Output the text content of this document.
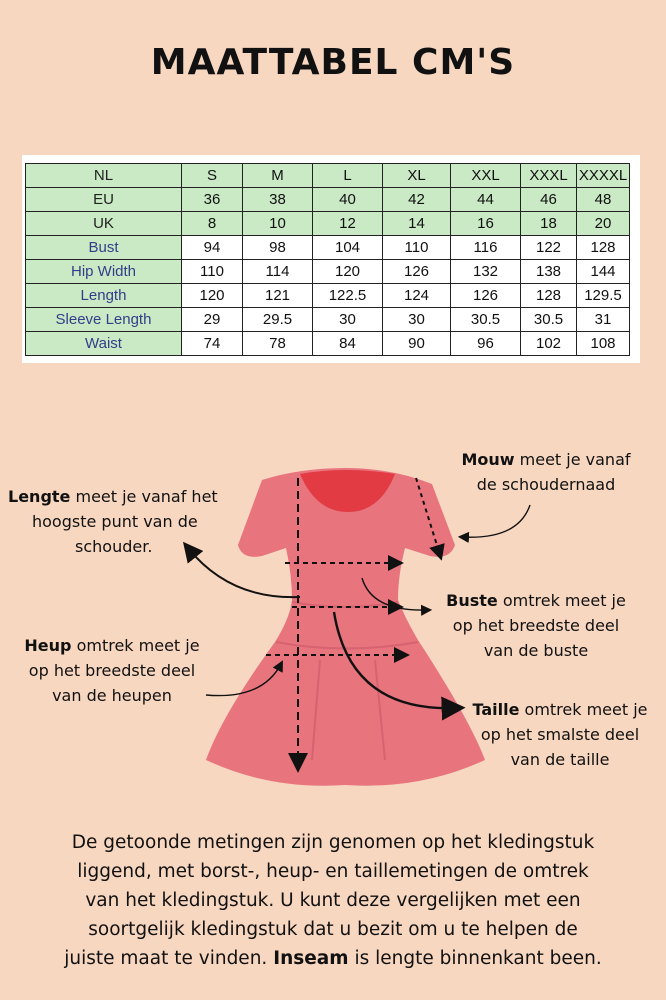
MAATTABEL CM'S
NL	S	M	L	XL	XXL	XXXL	XXXXL
EU	36	38	40	42	44	46	48
UK	8	10	12	14	16	18	20
Bust	94	98	104	110	116	122	128
Hip Width	110	114	120	126	132	138	144
Length	120	121	122.5	124	126	128	129.5
Sleeve Length	29	29.5	30	30	30.5	30.5	31
Waist	74	78	84	90	96	102	108
Lengte meet je vanaf het
hoogste punt van de
schouder.
Mouw meet je vanaf
de schoudernaad
Buste omtrek meet je
op het breedste deel
van de buste
Heup omtrek meet je
op het breedste deel
van de heupen
Taille omtrek meet je
op het smalste deel
van de taille
De getoonde metingen zijn genomen op het kledingstuk
liggend, met borst-, heup- en taillemetingen de omtrek
van het kledingstuk. U kunt deze vergelijken met een
soortgelijk kledingstuk dat u bezit om u te helpen de
juiste maat te vinden. Inseam is lengte binnenkant been.
